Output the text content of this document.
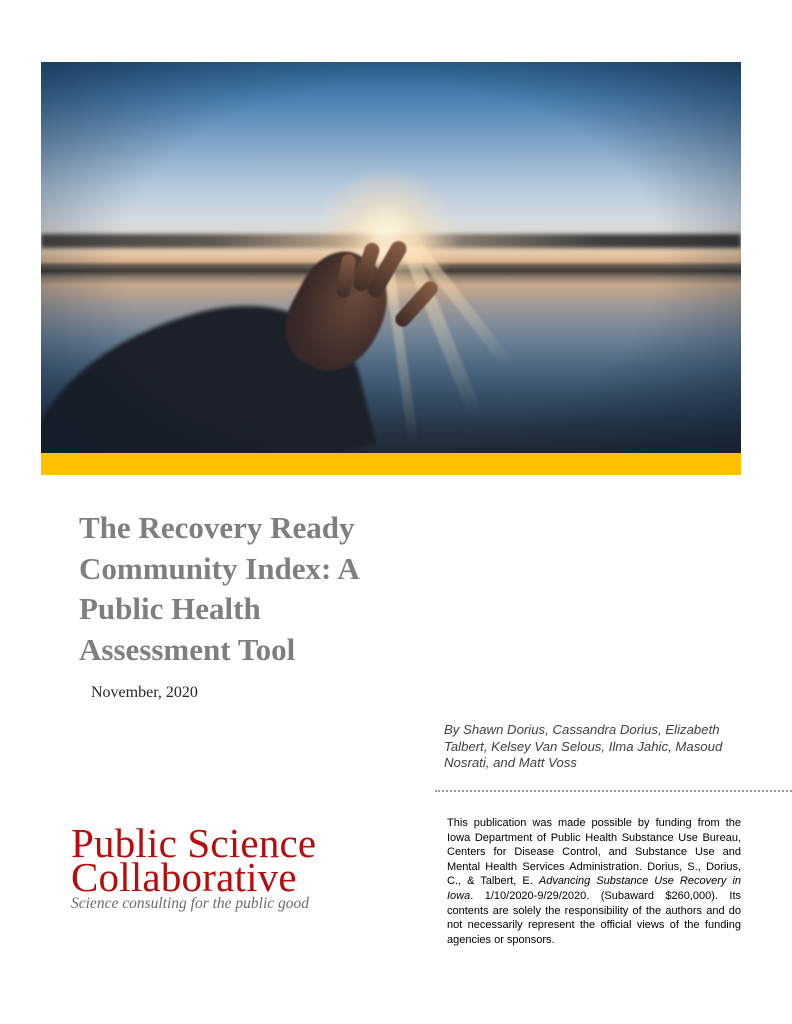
The Recovery Ready
Community Index: A
Public Health
Assessment Tool
November, 2020
By Shawn Dorius, Cassandra Dorius, Elizabeth Talbert, Kelsey Van Selous, Ilma Jahic, Masoud Nosrati, and Matt Voss

This publication was made possible by funding from the Iowa Department of Public Health Substance Use Bureau, Centers for Disease Control, and Substance Use and Mental Health Services Administration. Dorius, S., Dorius, C., & Talbert, E. Advancing Substance Use Recovery in Iowa. 1/10/2020-9/29/2020. (Subaward $260,000). Its contents are solely the responsibility of the authors and do not necessarily represent the official views of the funding agencies or sponsors.

Public Science
Collaborative
Science consulting for the public good
